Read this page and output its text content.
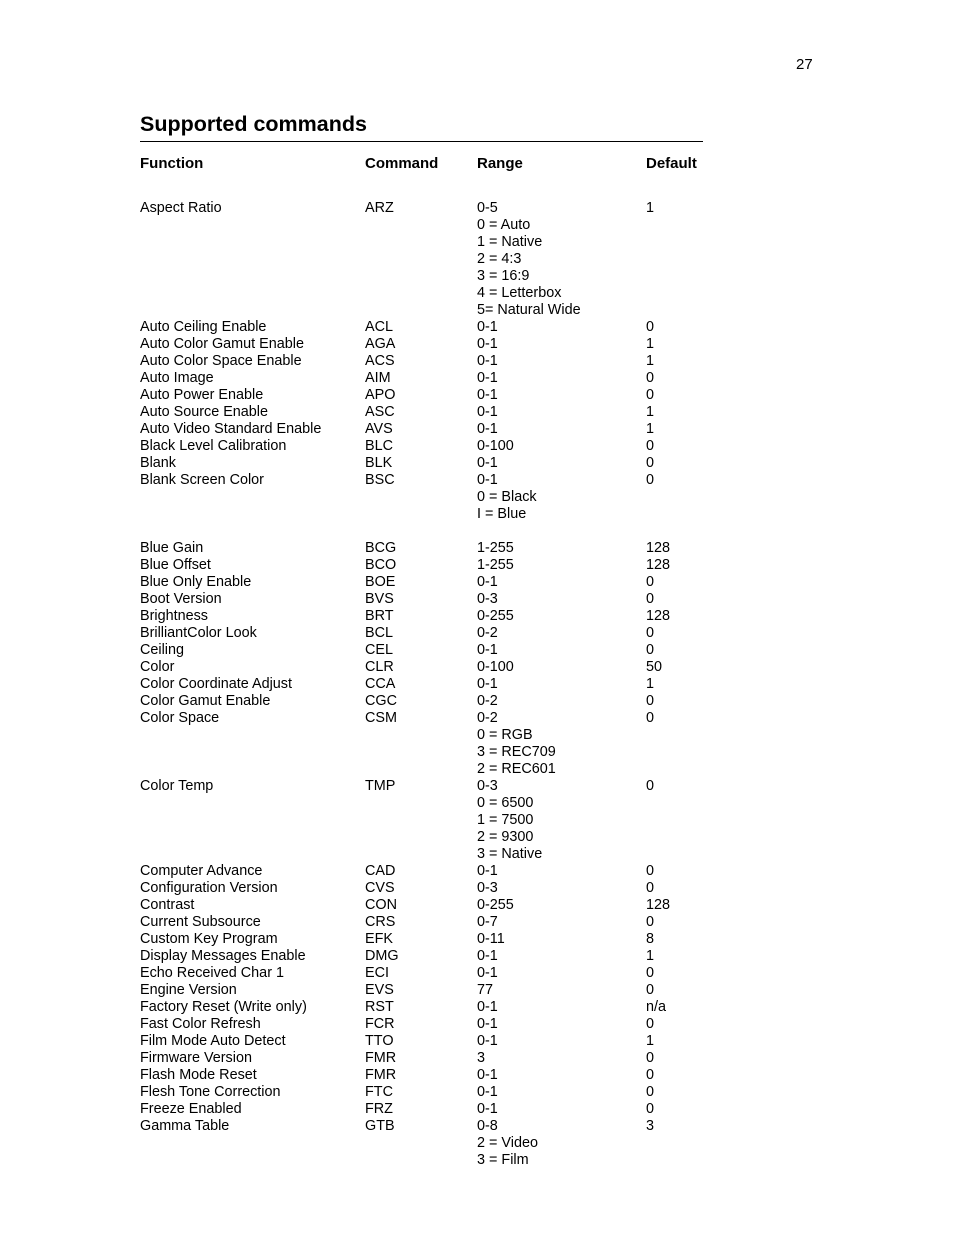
27
Supported commands
Function	Command	Range	Default
Aspect Ratio	ARZ	0-5	1
0 = Auto
1 = Native
2 = 4:3
3 = 16:9
4 = Letterbox
5= Natural Wide
Auto Ceiling Enable	ACL	0-1	0
Auto Color Gamut Enable	AGA	0-1	1
Auto Color Space Enable	ACS	0-1	1
Auto Image	AIM	0-1	0
Auto Power Enable	APO	0-1	0
Auto Source Enable	ASC	0-1	1
Auto Video Standard Enable	AVS	0-1	1
Black Level Calibration	BLC	0-100	0
Blank	BLK	0-1	0
Blank Screen Color	BSC	0-1	0
0 = Black
I = Blue
Blue Gain	BCG	1-255	128
Blue Offset	BCO	1-255	128
Blue Only Enable	BOE	0-1	0
Boot Version	BVS	0-3	0
Brightness	BRT	0-255	128
BrilliantColor Look	BCL	0-2	0
Ceiling	CEL	0-1	0
Color	CLR	0-100	50
Color Coordinate Adjust	CCA	0-1	1
Color Gamut Enable	CGC	0-2	0
Color Space	CSM	0-2	0
0 = RGB
3 = REC709
2 = REC601
Color Temp	TMP	0-3	0
0 = 6500
1 = 7500
2 = 9300
3 = Native
Computer Advance	CAD	0-1	0
Configuration Version	CVS	0-3	0
Contrast	CON	0-255	128
Current Subsource	CRS	0-7	0
Custom Key Program	EFK	0-11	8
Display Messages Enable	DMG	0-1	1
Echo Received Char 1	ECI	0-1	0
Engine Version	EVS	77	0
Factory Reset (Write only)	RST	0-1	n/a
Fast Color Refresh	FCR	0-1	0
Film Mode Auto Detect	TTO	0-1	1
Firmware Version	FMR	3	0
Flash Mode Reset	FMR	0-1	0
Flesh Tone Correction	FTC	0-1	0
Freeze Enabled	FRZ	0-1	0
Gamma Table	GTB	0-8	3
2 = Video
3 = Film
